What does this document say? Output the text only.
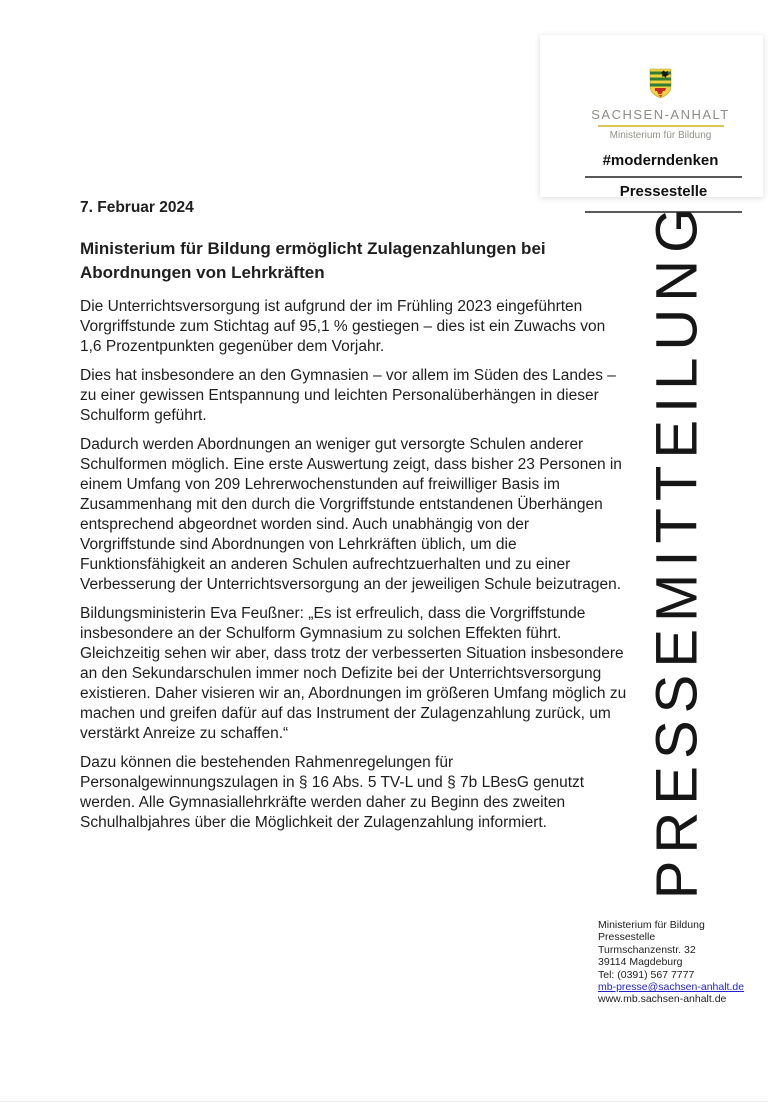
SACHSEN-ANHALT
Ministerium für Bildung
#moderndenken
Pressestelle
PRESSEMITTEILUNG
7. Februar 2024
Ministerium für Bildung ermöglicht Zulagenzahlungen bei Abordnungen von Lehrkräften

Die Unterrichtsversorgung ist aufgrund der im Frühling 2023 eingeführten Vorgriffstunde zum Stichtag auf 95,1 % gestiegen – dies ist ein Zuwachs von 1,6 Prozentpunkten gegenüber dem Vorjahr.

Dies hat insbesondere an den Gymnasien – vor allem im Süden des Landes – zu einer gewissen Entspannung und leichten Personalüberhängen in dieser Schulform geführt.

Dadurch werden Abordnungen an weniger gut versorgte Schulen anderer Schulformen möglich. Eine erste Auswertung zeigt, dass bisher 23 Personen in einem Umfang von 209 Lehrerwochenstunden auf freiwilliger Basis im Zusammenhang mit den durch die Vorgriffstunde entstandenen Überhängen entsprechend abgeordnet worden sind. Auch unabhängig von der Vorgriffstunde sind Abordnungen von Lehrkräften üblich, um die Funktionsfähigkeit an anderen Schulen aufrechtzuerhalten und zu einer Verbesserung der Unterrichtsversorgung an der jeweiligen Schule beizutragen.

Bildungsministerin Eva Feußner: „Es ist erfreulich, dass die Vorgriffstunde insbesondere an der Schulform Gymnasium zu solchen Effekten führt. Gleichzeitig sehen wir aber, dass trotz der verbesserten Situation insbesondere an den Sekundarschulen immer noch Defizite bei der Unterrichtsversorgung existieren. Daher visieren wir an, Abordnungen im größeren Umfang möglich zu machen und greifen dafür auf das Instrument der Zulagenzahlung zurück, um verstärkt Anreize zu schaffen.“

Dazu können die bestehenden Rahmenregelungen für Personalgewinnungszulagen in § 16 Abs. 5 TV-L und § 7b LBesG genutzt werden. Alle Gymnasiallehrkräfte werden daher zu Beginn des zweiten Schulhalbjahres über die Möglichkeit der Zulagenzahlung informiert.

Ministerium für Bildung
Pressestelle
Turmschanzenstr. 32
39114 Magdeburg
Tel: (0391) 567 7777
mb-presse@sachsen-anhalt.de
www.mb.sachsen-anhalt.de
